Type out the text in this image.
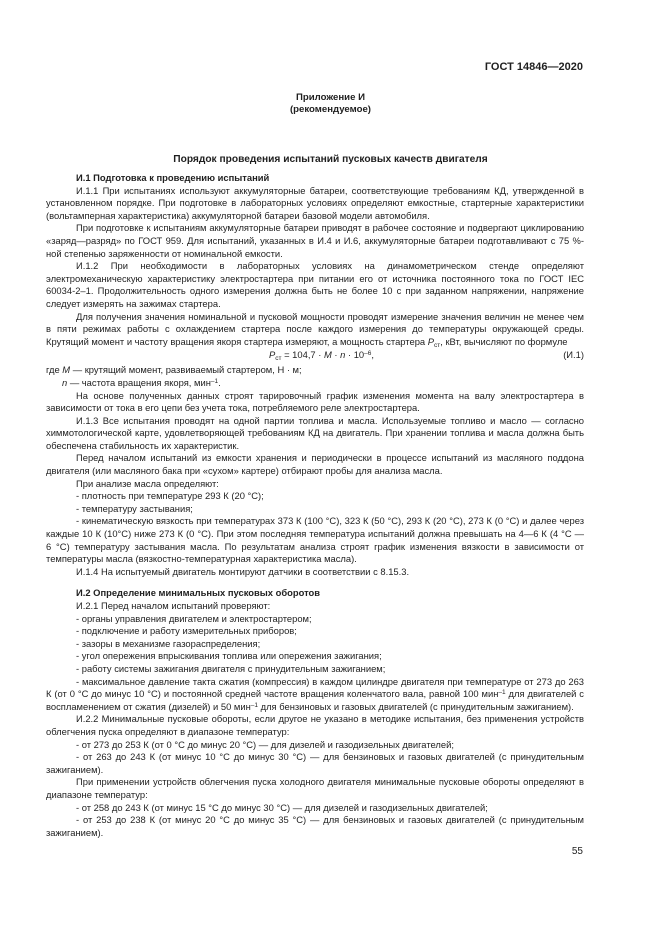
ГОСТ 14846—2020
Приложение И
(рекомендуемое)
Порядок проведения испытаний пусковых качеств двигателя

И.1 Подготовка к проведению испытаний

И.1.1 При испытаниях используют аккумуляторные батареи, соответствующие требованиям КД, утвержденной в установленном порядке. При подготовке в лабораторных условиях определяют емкостные, стартерные характеристики (вольтамперная характеристика) аккумуляторной батареи базовой модели автомобиля.

При подготовке к испытаниям аккумуляторные батареи приводят в рабочее состояние и подвергают циклированию «заряд—разряд» по ГОСТ 959. Для испытаний, указанных в И.4 и И.6, аккумуляторные батареи подготавливают с 75 %-ной степенью заряженности от номинальной емкости.

И.1.2 При необходимости в лабораторных условиях на динамометрическом стенде определяют электромеханическую характеристику электростартера при питании его от источника постоянного тока по ГОСТ IEC 60034-2–1. Продолжительность одного измерения должна быть не более 10 с при заданном напряжении, напряжение следует измерять на зажимах стартера.

Для получения значения номинальной и пусковой мощности проводят измерение значения величин не менее чем в пяти режимах работы с охлаждением стартера после каждого измерения до температуры окружающей среды. Крутящий момент и частоту вращения якоря стартера измеряют, а мощность стартера $P_{ст}$, кВт, вычисляют по формуле

$P_{ст} = 104,7 \cdot M \cdot n \cdot 10^{-6}$,	(И.1)

где M — крутящий момент, развиваемый стартером, Н · м;

n — частота вращения якоря, мин$^{-1}$.

На основе полученных данных строят тарировочный график изменения момента на валу электростартера в зависимости от тока в его цепи без учета тока, потребляемого реле электростартера.

И.1.3 Все испытания проводят на одной партии топлива и масла. Используемые топливо и масло — согласно химмотологической карте, удовлетворяющей требованиям КД на двигатель. При хранении топлива и масла должна быть обеспечена стабильность их характеристик.

Перед началом испытаний из емкости хранения и периодически в процессе испытаний из масляного поддона двигателя (или масляного бака при «сухом» картере) отбирают пробы для анализа масла.

При анализе масла определяют:

- плотность при температуре 293 К (20 °С);

- температуру застывания;

- кинематическую вязкость при температурах 373 К (100 °С), 323 К (50 °С), 293 К (20 °С), 273 К (0 °С) и далее через каждые 10 К (10°С) ниже 273 К (0 °С). При этом последняя температура испытаний должна превышать на 4—6 К (4 °С — 6 °С) температуру застывания масла. По результатам анализа строят график изменения вязкости в зависимости от температуры масла (вязкостно-температурная характеристика масла).

И.1.4 На испытуемый двигатель монтируют датчики в соответствии с 8.15.3.

И.2 Определение минимальных пусковых оборотов

И.2.1 Перед началом испытаний проверяют:

- органы управления двигателем и электростартером;

- подключение и работу измерительных приборов;

- зазоры в механизме газораспределения;

- угол опережения впрыскивания топлива или опережения зажигания;

- работу системы зажигания двигателя с принудительным зажиганием;

- максимальное давление такта сжатия (компрессия) в каждом цилиндре двигателя при температуре от 273 до 263 К (от 0 °С до минус 10 °С) и постоянной средней частоте вращения коленчатого вала, равной 100 мин$^{-1}$ для двигателей с воспламенением от сжатия (дизелей) и 50 мин$^{-1}$ для бензиновых и газовых двигателей (с принудительным зажиганием).

И.2.2 Минимальные пусковые обороты, если другое не указано в методике испытания, без применения устройств облегчения пуска определяют в диапазоне температур:

- от 273 до 253 К (от 0 °С до минус 20 °С) — для дизелей и газодизельных двигателей;

- от 263 до 243 К (от минус 10 °С до минус 30 °С) — для бензиновых и газовых двигателей (с принудительным зажиганием).

При применении устройств облегчения пуска холодного двигателя минимальные пусковые обороты определяют в диапазоне температур:

- от 258 до 243 К (от минус 15 °С до минус 30 °С) — для дизелей и газодизельных двигателей;

- от 253 до 238 К (от минус 20 °С до минус 35 °С) — для бензиновых и газовых двигателей (с принудительным зажиганием).

55
